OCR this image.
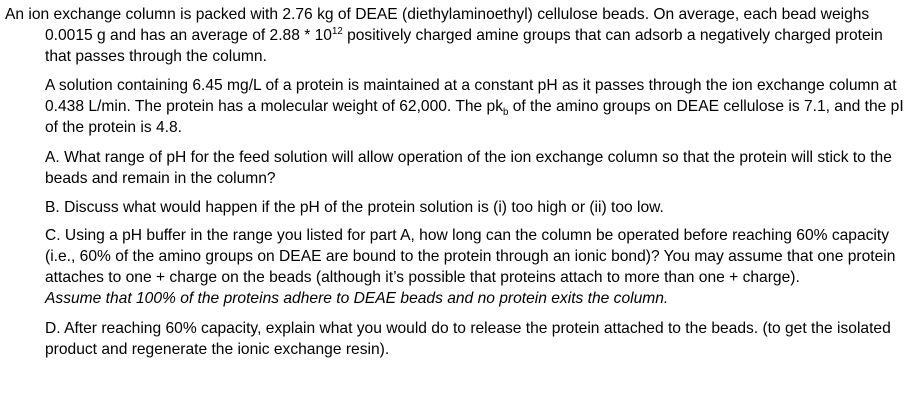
An ion exchange column is packed with 2.76 kg of DEAE (diethylaminoethyl) cellulose beads. On average, each bead weighs 0.0015 g and has an average of $2.88 * 10^{12}$ positively charged amine groups that can adsorb a negatively charged protein that passes through the column.

A solution containing 6.45 mg/L of a protein is maintained at a constant pH as it passes through the ion exchange column at 0.438 L/min. The protein has a molecular weight of 62,000. The $pk_b$ of the amino groups on DEAE cellulose is 7.1, and the pI of the protein is 4.8.

A. What range of pH for the feed solution will allow operation of the ion exchange column so that the protein will stick to the beads and remain in the column?

B. Discuss what would happen if the pH of the protein solution is (i) too high or (ii) too low.

C. Using a pH buffer in the range you listed for part A, how long can the column be operated before reaching 60% capacity (i.e., 60% of the amino groups on DEAE are bound to the protein through an ionic bond)? You may assume that one protein attaches to one + charge on the beads (although it’s possible that proteins attach to more than one + charge).

Assume that 100% of the proteins adhere to DEAE beads and no protein exits the column.

D. After reaching 60% capacity, explain what you would do to release the protein attached to the beads. (to get the isolated product and regenerate the ionic exchange resin).
